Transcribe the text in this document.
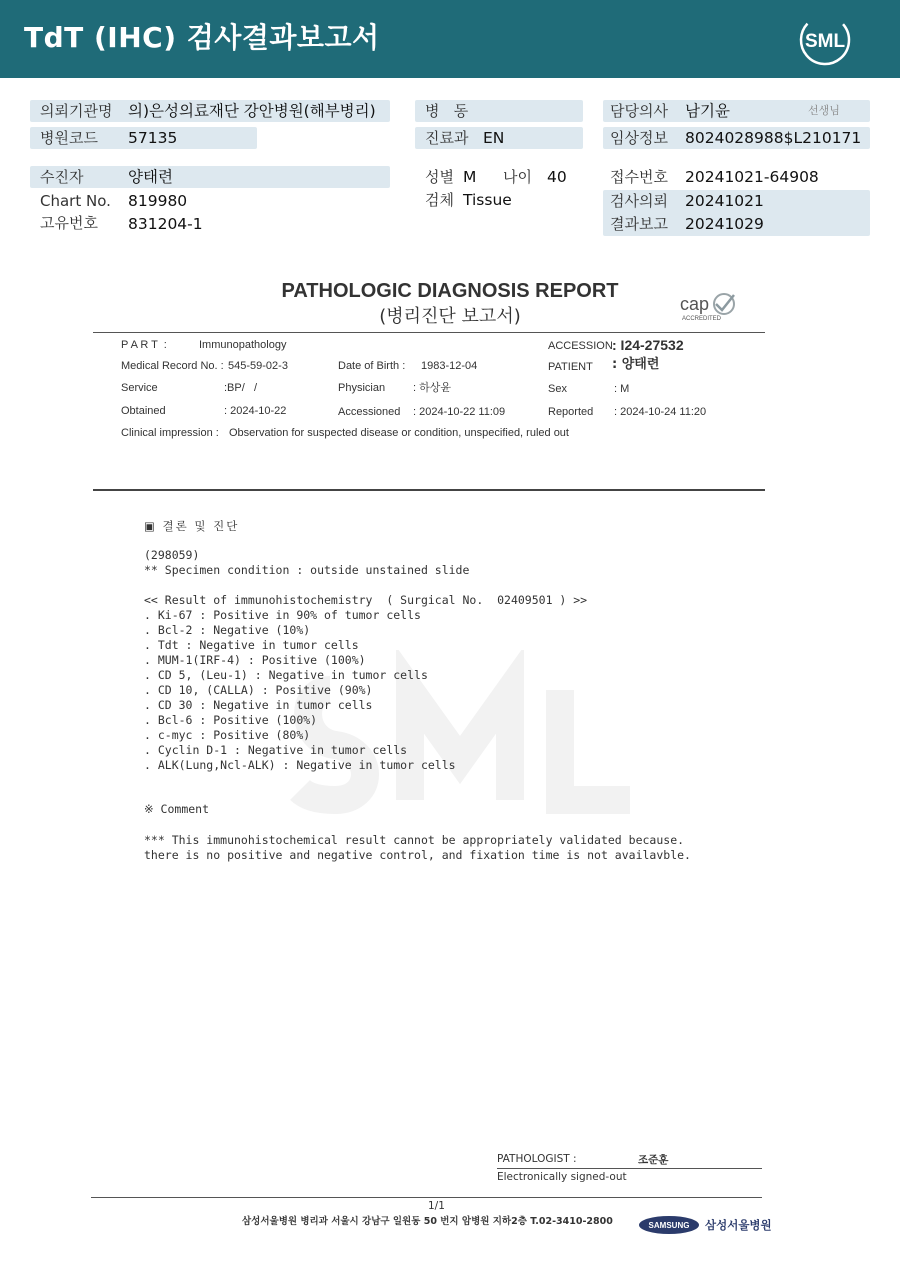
TdT (IHC) 검사결과보고서	SML
의뢰기관명 의)은성의료재단 강안병원(해부병리)
병원코드 57135
수진자	양태련
Chart No. 819980
고유번호 831204-1
병   동
진료과 EN
성별 M 나이 40
검체 Tissue
담당의사 남기윤	선생님
임상정보 8024028988$L210171
접수번호 20241021-64908
검사의뢰 20241021
결과보고 20241029
PATHOLOGIC DIAGNOSIS REPORT
(병리진단 보고서)
cap
ACCREDITED
P A R T  :	Immunopathology	ACCESSION : I24-27532
Medical Record No. : 545-59-02-3	Date of Birth : 1983-12-04	PATIENT : 양태련
Service	:BP/   /	Physician	: 하상윤	Sex	: M
Obtained	: 2024-10-22	Accessioned : 2024-10-22 11:09	Reported : 2024-10-24 11:20
Clinical impression : Observation for suspected disease or condition, unspecified, ruled out
▣ 결론 및 진단
(298059)
** Specimen condition : outside unstained slide
<< Result of immunohistochemistry  ( Surgical No.  02409501 ) >>
. Ki-67 : Positive in 90% of tumor cells
. Bcl-2 : Negative (10%)
. Tdt : Negative in tumor cells
. MUM-1(IRF-4) : Positive (100%)
. CD 5, (Leu-1) : Negative in tumor cells
. CD 10, (CALLA) : Positive (90%)
. CD 30 : Negative in tumor cells
. Bcl-6 : Positive (100%)
. c-myc : Positive (80%)
. Cyclin D-1 : Negative in tumor cells
. ALK(Lung,Ncl-ALK) : Negative in tumor cells
※ Comment
*** This immunohistochemical result cannot be appropriately validated because.
there is no positive and negative control, and fixation time is not availavble.
PATHOLOGIST :	조준훈
Electronically signed-out
1/1
삼성서울병원 병리과 서울시 강남구 일원동 50 번지 암병원 지하2층 T.02-3410-2800	SAMSUNG 삼성서울병원
